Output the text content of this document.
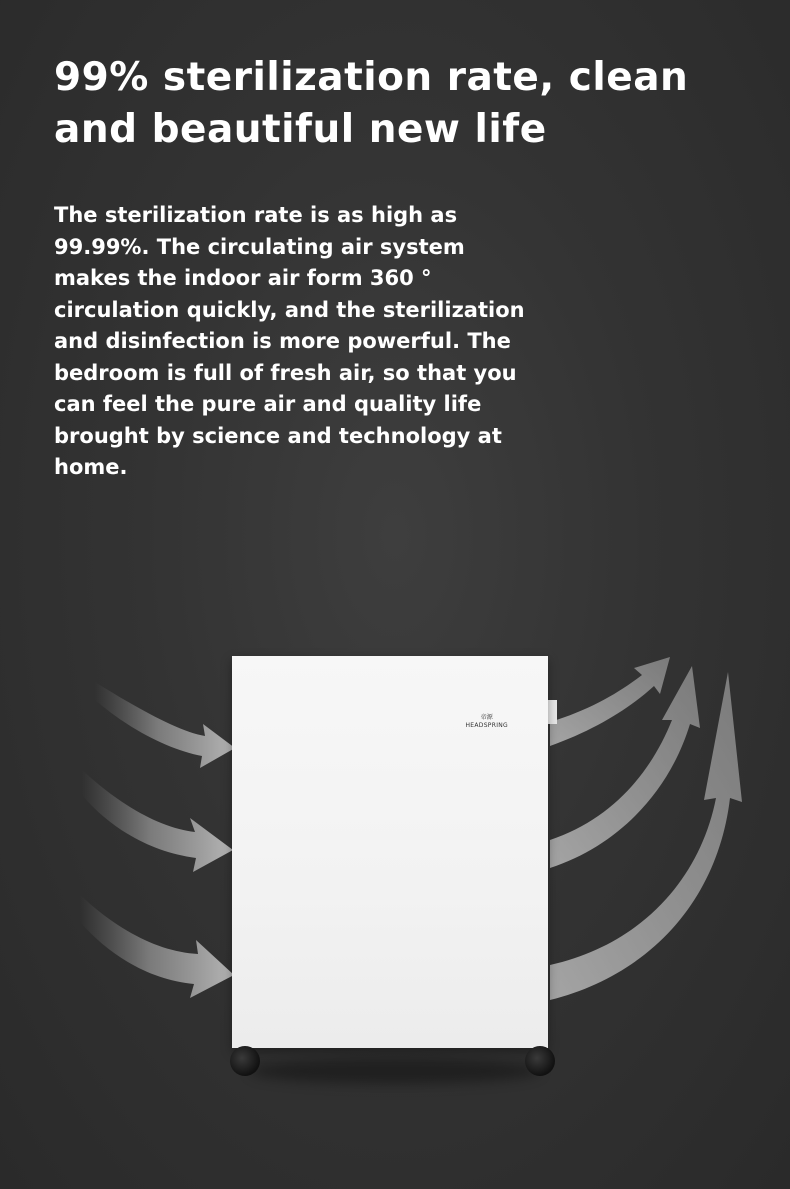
99% sterilization rate, clean and beautiful new life

The sterilization rate is as high as 99.99%. The circulating air system makes the indoor air form 360 ° circulation quickly, and the sterilization and disinfection is more powerful. The bedroom is full of fresh air, so that you can feel the pure air and quality life brought by science and technology at home.

帝源
HEADSPRING
